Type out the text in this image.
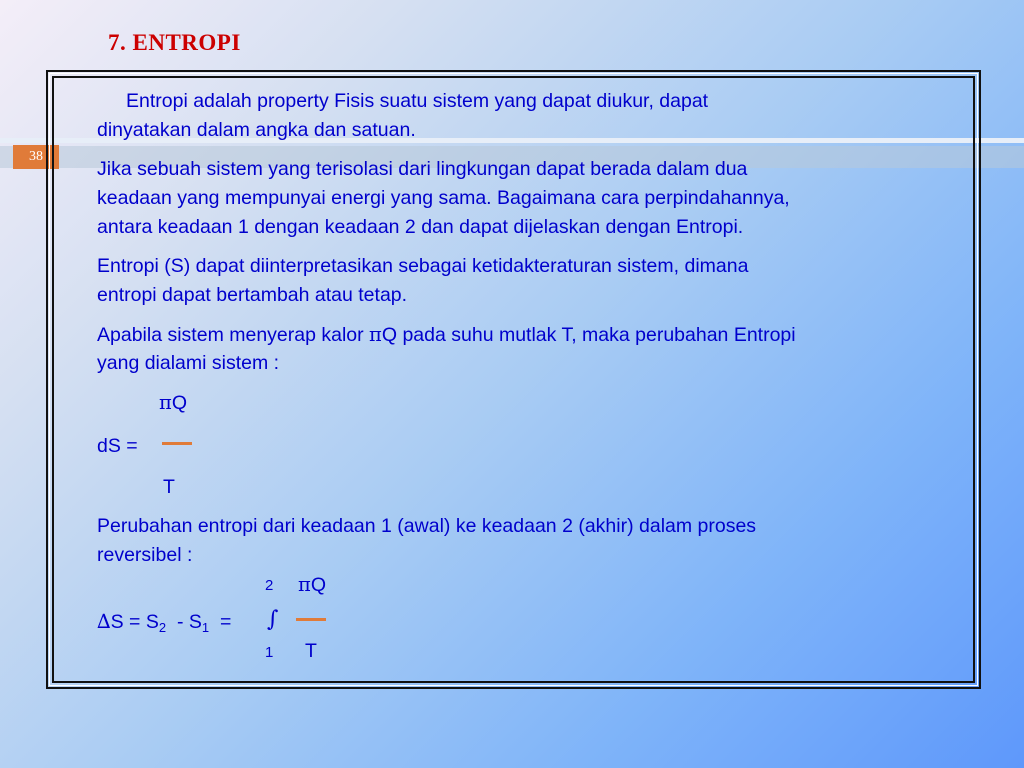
7. ENTROPI
38
Entropi adalah property Fisis suatu sistem yang dapat diukur, dapat
dinyatakan dalam angka dan satuan.
Jika sebuah sistem yang terisolasi dari lingkungan dapat berada dalam dua
keadaan yang mempunyai energi yang sama. Bagaimana cara perpindahannya,
antara keadaan 1 dengan keadaan 2 dan dapat dijelaskan dengan Entropi.
Entropi (S) dapat diinterpretasikan sebagai ketidakteraturan sistem, dimana
entropi dapat bertambah atau tetap.
Apabila sistem menyerap kalor πQ pada suhu mutlak T, maka perubahan Entropi
yang dialami sistem :
πQ
dS =
T
Perubahan entropi dari keadaan 1 (awal) ke keadaan 2 (akhir) dalam proses
reversibel :
2 πQ
$\Delta S = S_2 - S_1$  = ∫
1 T
